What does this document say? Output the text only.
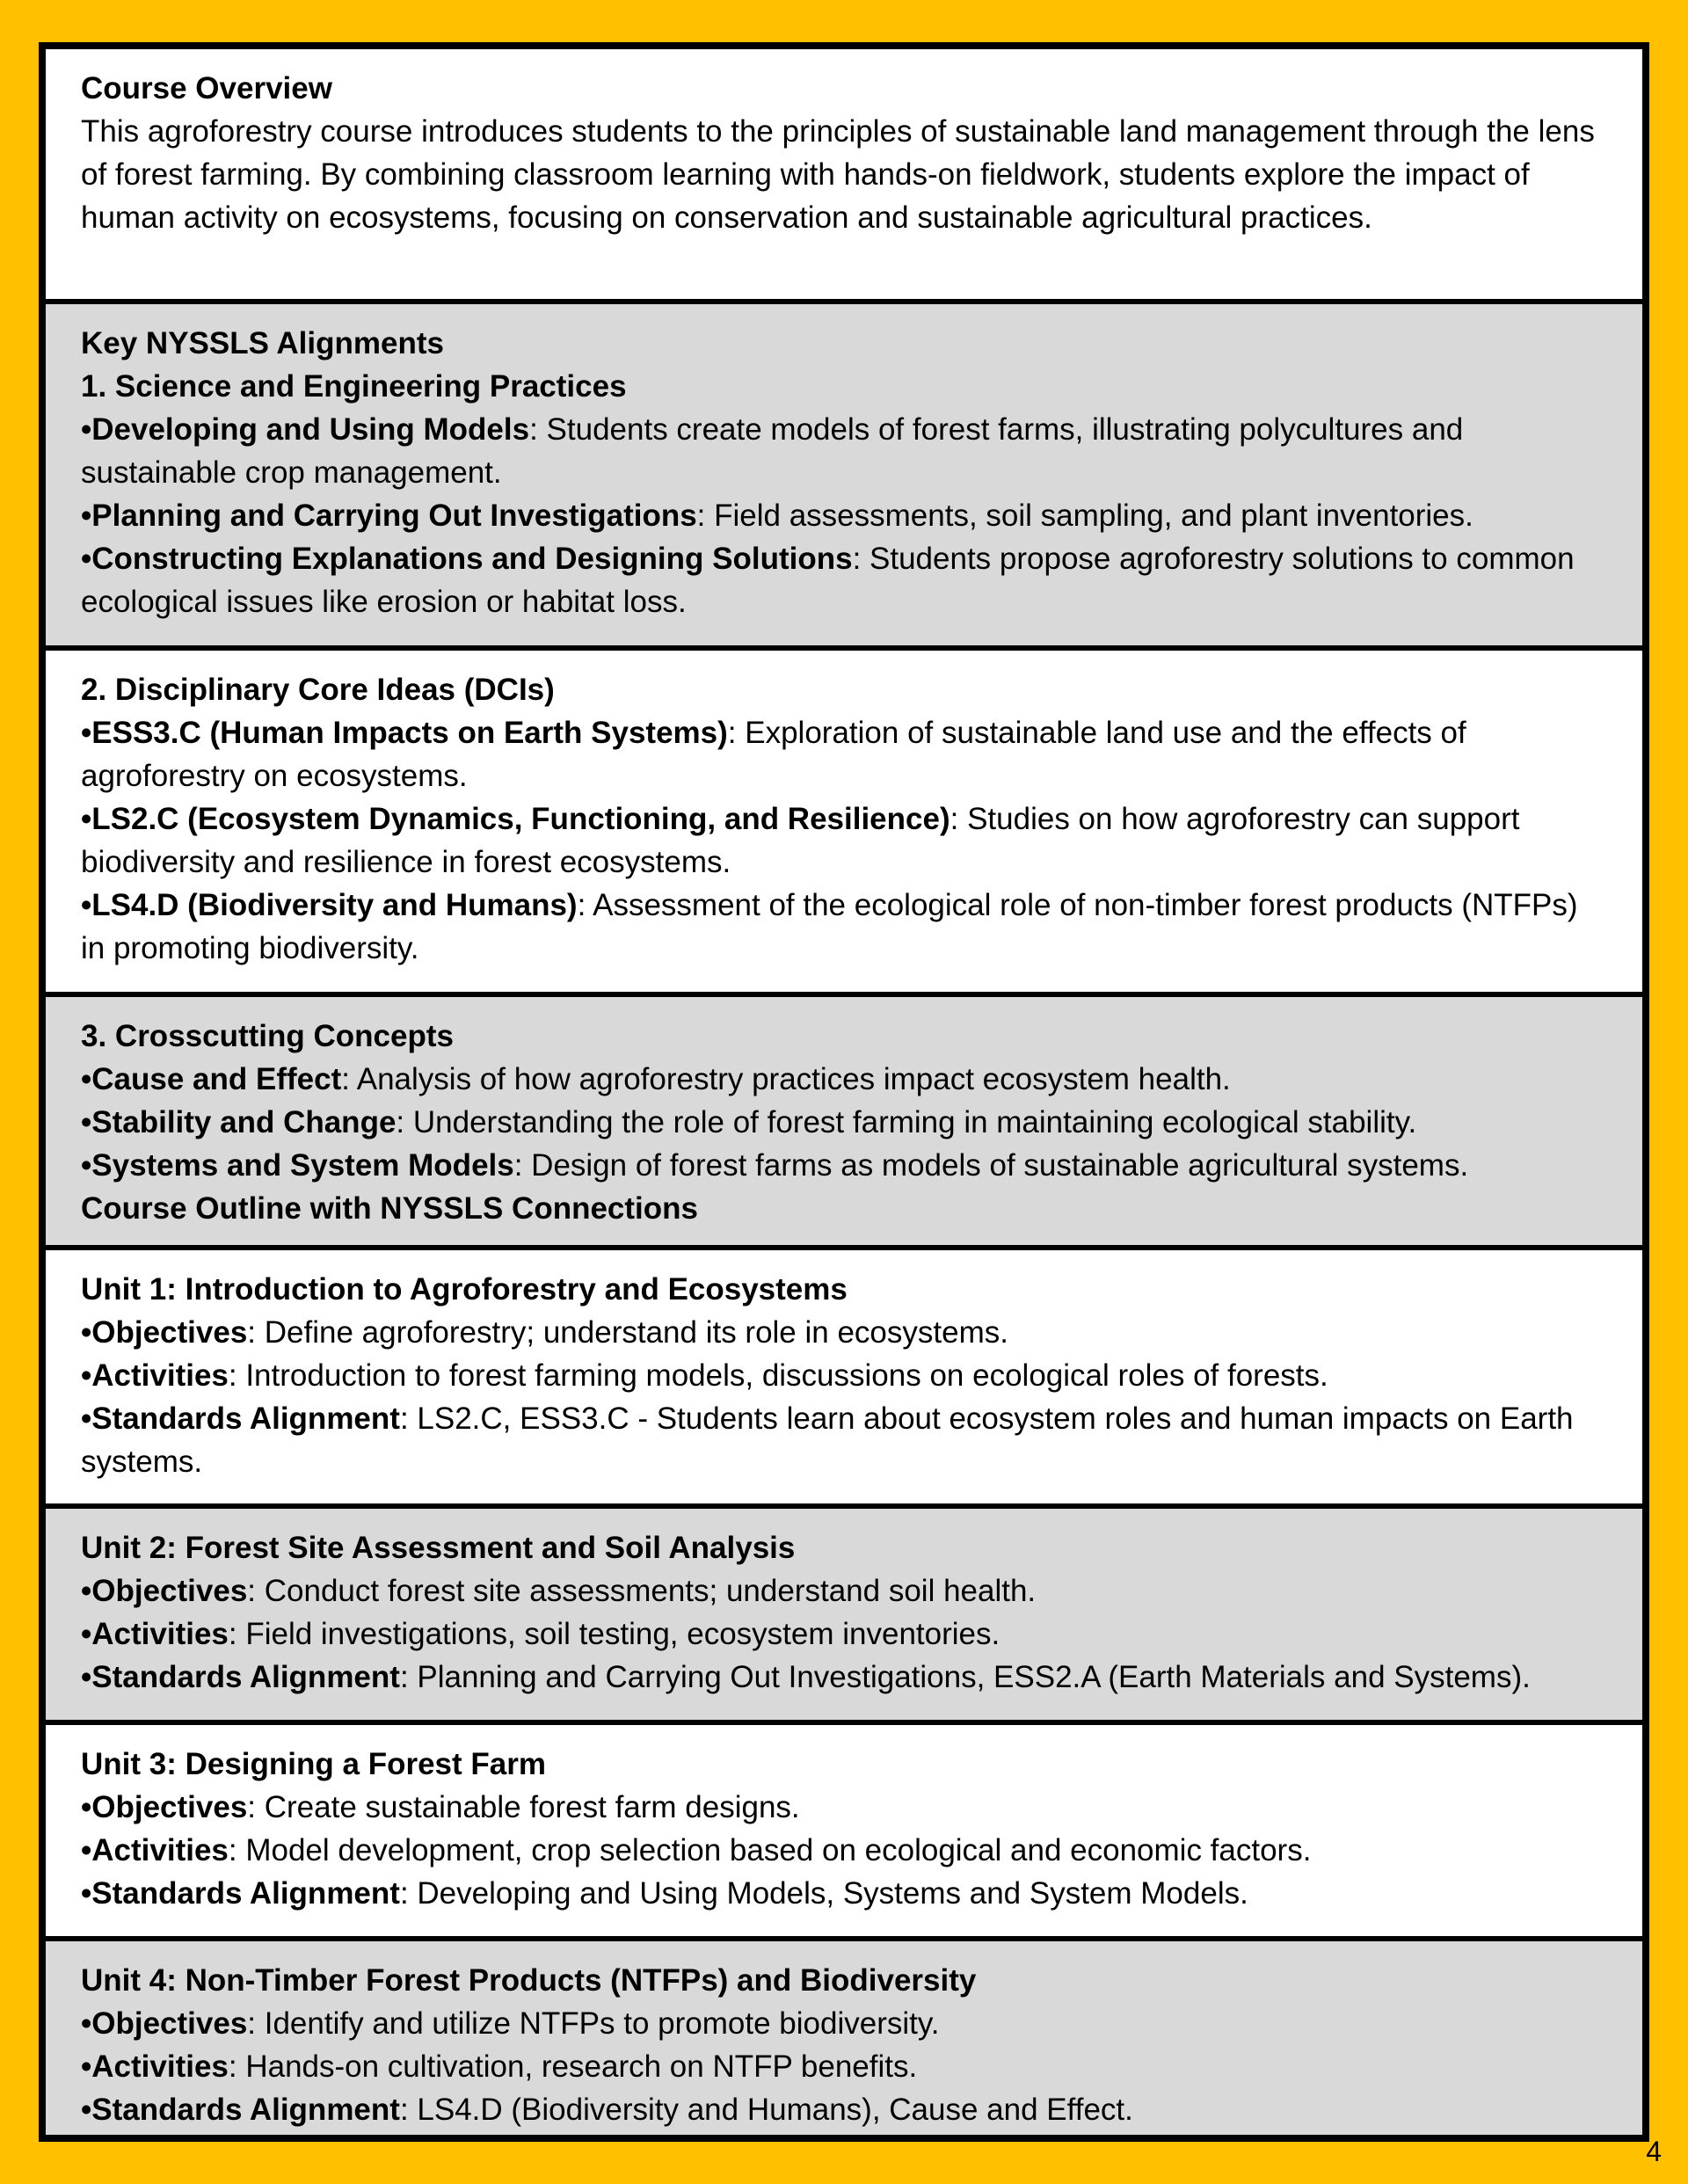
Course Overview
This agroforestry course introduces students to the principles of sustainable land management through the lens of forest farming. By combining classroom learning with hands-on fieldwork, students explore the impact of human activity on ecosystems, focusing on conservation and sustainable agricultural practices.
Key NYSSLS Alignments
1. Science and Engineering Practices
•Developing and Using Models: Students create models of forest farms, illustrating polycultures and sustainable crop management.
•Planning and Carrying Out Investigations: Field assessments, soil sampling, and plant inventories.
•Constructing Explanations and Designing Solutions: Students propose agroforestry solutions to common ecological issues like erosion or habitat loss.
2. Disciplinary Core Ideas (DCIs)
•ESS3.C (Human Impacts on Earth Systems): Exploration of sustainable land use and the effects of agroforestry on ecosystems.
•LS2.C (Ecosystem Dynamics, Functioning, and Resilience): Studies on how agroforestry can support biodiversity and resilience in forest ecosystems.
•LS4.D (Biodiversity and Humans): Assessment of the ecological role of non-timber forest products (NTFPs) in promoting biodiversity.
3. Crosscutting Concepts
•Cause and Effect: Analysis of how agroforestry practices impact ecosystem health.
•Stability and Change: Understanding the role of forest farming in maintaining ecological stability.
•Systems and System Models: Design of forest farms as models of sustainable agricultural systems.
Course Outline with NYSSLS Connections
Unit 1: Introduction to Agroforestry and Ecosystems
•Objectives: Define agroforestry; understand its role in ecosystems.
•Activities: Introduction to forest farming models, discussions on ecological roles of forests.
•Standards Alignment: LS2.C, ESS3.C - Students learn about ecosystem roles and human impacts on Earth systems.
Unit 2: Forest Site Assessment and Soil Analysis
•Objectives: Conduct forest site assessments; understand soil health.
•Activities: Field investigations, soil testing, ecosystem inventories.
•Standards Alignment: Planning and Carrying Out Investigations, ESS2.A (Earth Materials and Systems).
Unit 3: Designing a Forest Farm
•Objectives: Create sustainable forest farm designs.
•Activities: Model development, crop selection based on ecological and economic factors.
•Standards Alignment: Developing and Using Models, Systems and System Models.
Unit 4: Non-Timber Forest Products (NTFPs) and Biodiversity
•Objectives: Identify and utilize NTFPs to promote biodiversity.
•Activities: Hands-on cultivation, research on NTFP benefits.
•Standards Alignment: LS4.D (Biodiversity and Humans), Cause and Effect.
4
